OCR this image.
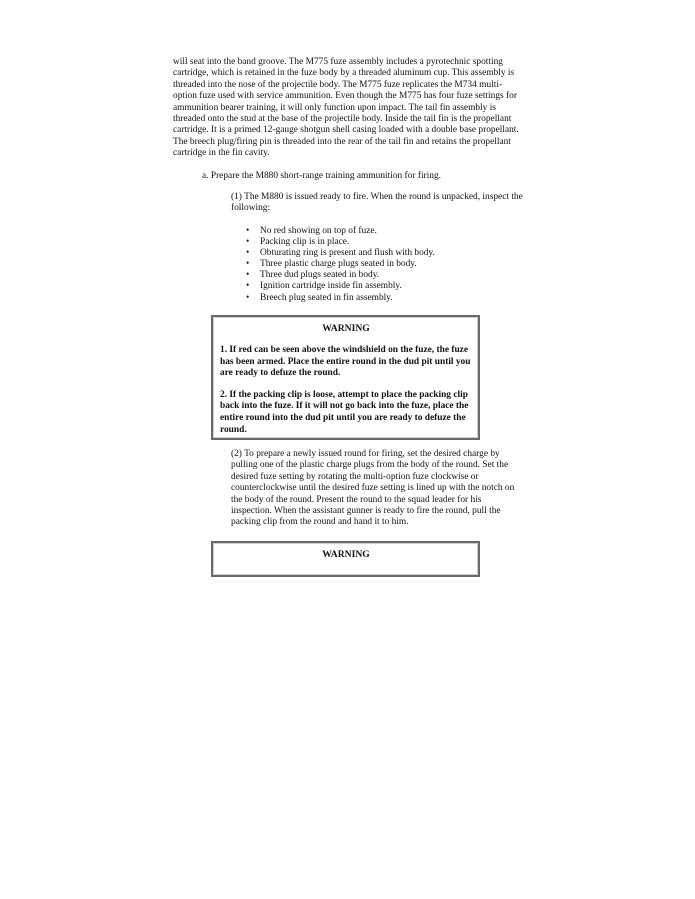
will seat into the band groove. The M775 fuze assembly includes a pyrotechnic spotting cartridge, which is retained in the fuze body by a threaded aluminum cup. This assembly is threaded into the nose of the projectile body. The M775 fuze replicates the M734 multi-option fuze used with service ammunition. Even though the M775 has four fuze settings for ammunition bearer training, it will only function upon impact. The tail fin assembly is threaded onto the stud at the base of the projectile body. Inside the tail fin is the propellant cartridge. It is a primed 12-gauge shotgun shell casing loaded with a double base propellant. The breech plug/firing pin is threaded into the rear of the tail fin and retains the propellant cartridge in the fin cavity.

a. Prepare the M880 short-range training ammunition for firing.

(1) The M880 is issued ready to fire. When the round is unpacked, inspect the following:

• No red showing on top of fuze.
• Packing clip is in place.
• Obturating ring is present and flush with body.
• Three plastic charge plugs seated in body.
• Three dud plugs seated in body.
• Ignition cartridge inside fin assembly.
• Breech plug seated in fin assembly.
WARNING

1. If red can be seen above the windshield on the fuze, the fuze has been armed. Place the entire round in the dud pit until you are ready to defuze the round.

2. If the packing clip is loose, attempt to place the packing clip back into the fuze. If it will not go back into the fuze, place the entire round into the dud pit until you are ready to defuze the round.

(2) To prepare a newly issued round for firing, set the desired charge by pulling one of the plastic charge plugs from the body of the round. Set the desired fuze setting by rotating the multi-option fuze clockwise or counterclockwise until the desired fuze setting is lined up with the notch on the body of the round. Present the round to the squad leader for his inspection. When the assistant gunner is ready to fire the round, pull the packing clip from the round and hand it to him.

WARNING
